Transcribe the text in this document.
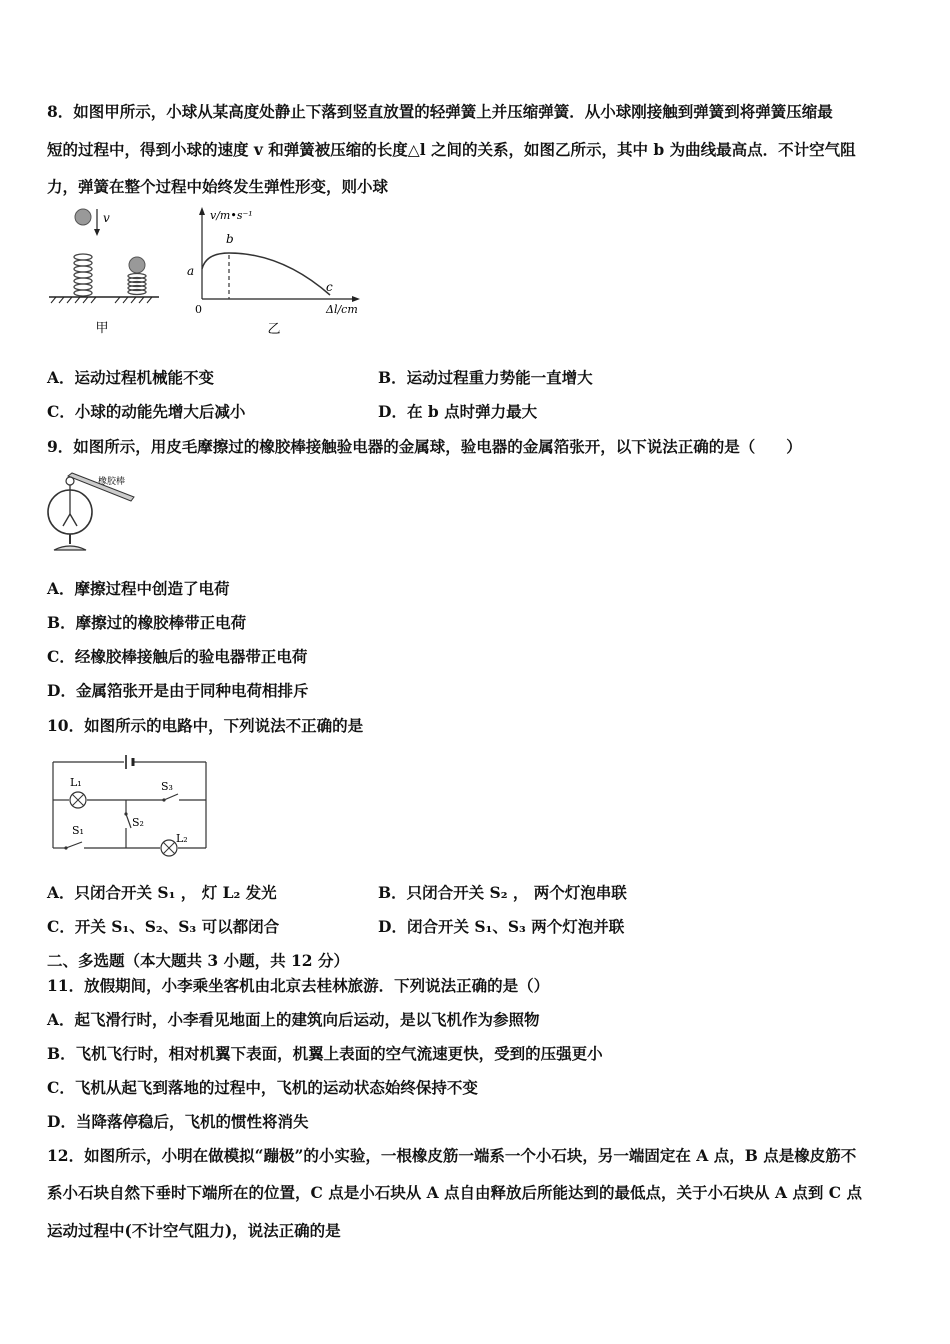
8．如图甲所示，小球从某高度处静止下落到竖直放置的轻弹簧上并压缩弹簧．从小球刚接触到弹簧到将弹簧压缩最
短的过程中，得到小球的速度 v 和弹簧被压缩的长度△l 之间的关系，如图乙所示，其中 b 为曲线最高点．不计空气阻
力，弹簧在整个过程中始终发生弹性形变，则小球
v
甲
v/m•s⁻¹
b
a
c
0	Δl/cm
乙
A．运动过程机械能不变	B．运动过程重力势能一直增大
C．小球的动能先增大后减小	D．在 b 点时弹力最大
9．如图所示，用皮毛摩擦过的橡胶棒接触验电器的金属球，验电器的金属箔张开，以下说法正确的是（　　）
橡胶棒
A．摩擦过程中创造了电荷
B．摩擦过的橡胶棒带正电荷
C．经橡胶棒接触后的验电器带正电荷
D．金属箔张开是由于同种电荷相排斥
10．如图所示的电路中，下列说法不正确的是
L₁	S₃
S₂
S₁
L₂
A．只闭合开关 S₁ ， 灯 L₂ 发光	B．只闭合开关 S₂ ， 两个灯泡串联
C．开关 S₁、S₂、S₃ 可以都闭合	D．闭合开关 S₁、S₃ 两个灯泡并联
二、多选题（本大题共 3 小题，共 12 分）
11．放假期间，小李乘坐客机由北京去桂林旅游．下列说法正确的是（）
A．起飞滑行时，小李看见地面上的建筑向后运动，是以飞机作为参照物
B．飞机飞行时，相对机翼下表面，机翼上表面的空气流速更快，受到的压强更小
C．飞机从起飞到落地的过程中，飞机的运动状态始终保持不变
D．当降落停稳后，飞机的惯性将消失
12．如图所示，小明在做模拟“蹦极”的小实验，一根橡皮筋一端系一个小石块，另一端固定在 A 点，B 点是橡皮筋不
系小石块自然下垂时下端所在的位置，C 点是小石块从 A 点自由释放后所能达到的最低点，关于小石块从 A 点到 C 点
运动过程中(不计空气阻力)，说法正确的是
